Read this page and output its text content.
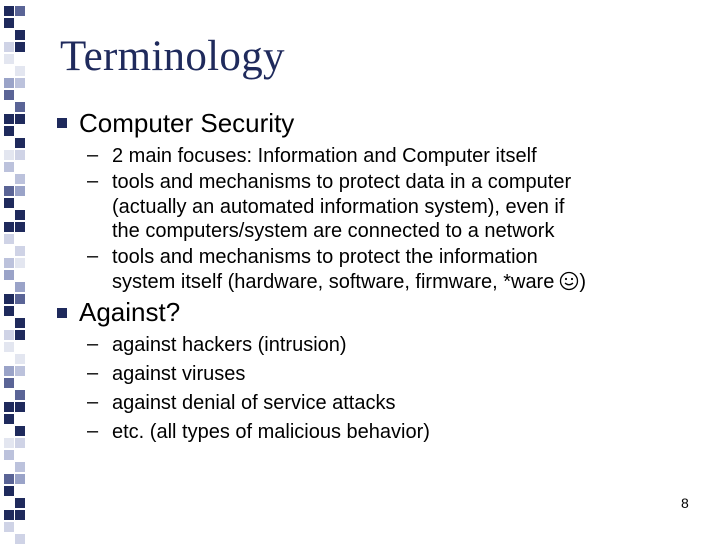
Terminology
Computer Security
– 2 main focuses: Information and Computer itself
– tools and mechanisms to protect data in a computer
(actually an automated information system), even if
the computers/system are connected to a network
– tools and mechanisms to protect the information
system itself (hardware, software, firmware, *ware )
Against?
– against hackers (intrusion)
– against viruses
– against denial of service attacks
– etc. (all types of malicious behavior)
8
